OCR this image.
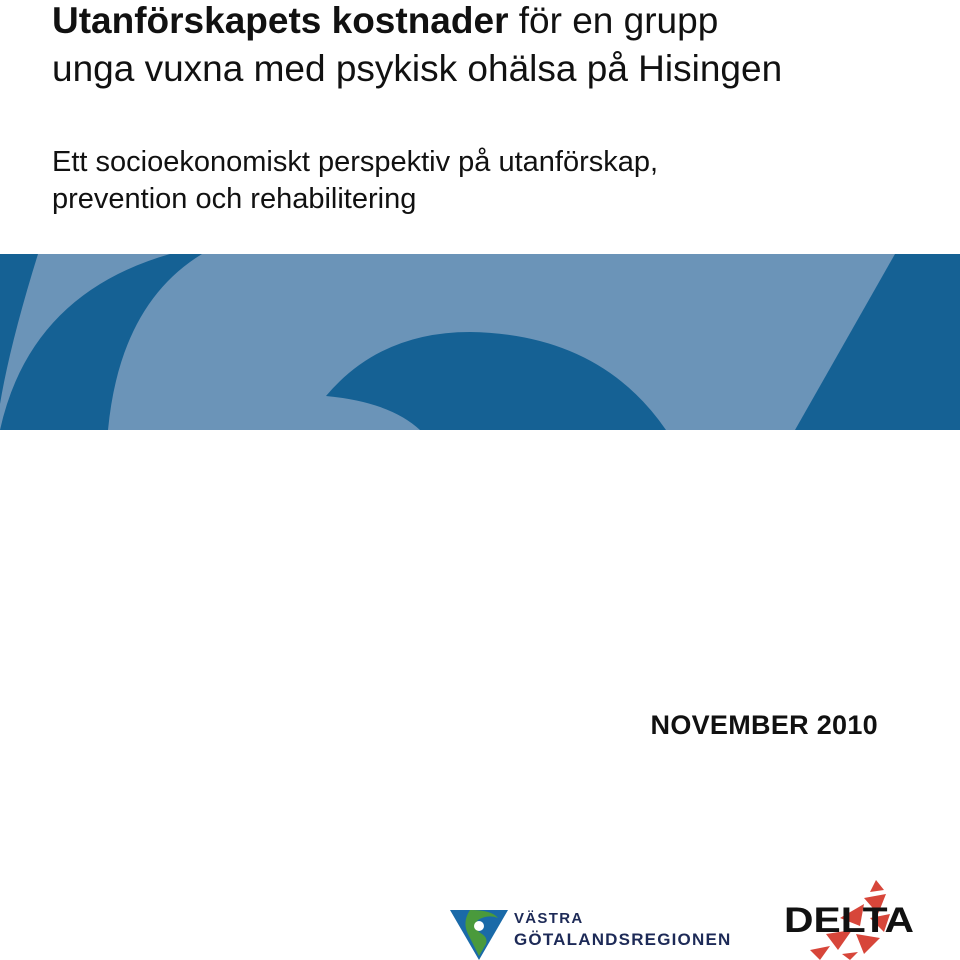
Utanförskapets kostnader för en grupp
unga vuxna med psykisk ohälsa på Hisingen

Ett socioekonomiskt perspektiv på utanförskap,
prevention och rehabilitering

NOVEMBER 2010
VÄSTRA
GÖTALANDSREGIONEN DELTA
